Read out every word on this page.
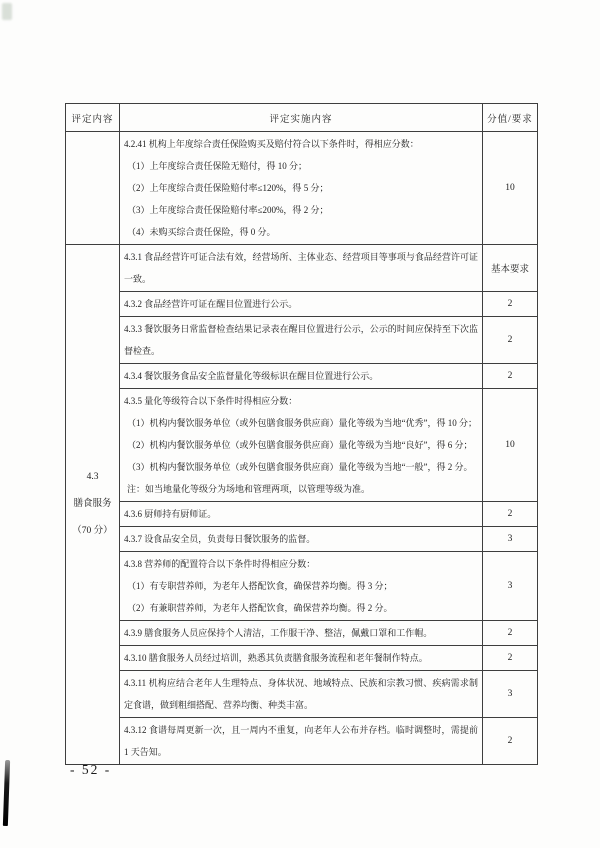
评定内容	评定实施内容	分值/要求

	4.2.41 机构上年度综合责任保险购买及赔付符合以下条件时，得相应分数：
（1）上年度综合责任保险无赔付，得 10 分；
（2）上年度综合责任保险赔付率≤120%，得 5 分；
（3）上年度综合责任保险赔付率≤200%，得 2 分；
（4）未购买综合责任保险，得 0 分。	10

4.3
膳食服务
（70 分）	4.3.1 食品经营许可证合法有效，经营场所、主体业态、经营项目等事项与食品经营许可证一致。	基本要求

	4.3.2 食品经营许可证在醒目位置进行公示。	2

	4.3.3 餐饮服务日常监督检查结果记录表在醒目位置进行公示，公示的时间应保持至下次监督检查。	2

	4.3.4 餐饮服务食品安全监督量化等级标识在醒目位置进行公示。	2

	4.3.5 量化等级符合以下条件时得相应分数：
（1）机构内餐饮服务单位（或外包膳食服务供应商）量化等级为当地“优秀”，得 10 分；
（2）机构内餐饮服务单位（或外包膳食服务供应商）量化等级为当地“良好”，得 6 分；
（3）机构内餐饮服务单位（或外包膳食服务供应商）量化等级为当地“一般”，得 2 分。
注：如当地量化等级分为场地和管理两项，以管理等级为准。	10

	4.3.6 厨师持有厨师证。	2

	4.3.7 设食品安全员，负责每日餐饮服务的监督。	3

	4.3.8 营养师的配置符合以下条件时得相应分数：
（1）有专职营养师，为老年人搭配饮食，确保营养均衡。得 3 分；
（2）有兼职营养师，为老年人搭配饮食，确保营养均衡。得 2 分。	3

	4.3.9 膳食服务人员应保持个人清洁，工作服干净、整洁，佩戴口罩和工作帽。	2

	4.3.10 膳食服务人员经过培训，熟悉其负责膳食服务流程和老年餐制作特点。	2

	4.3.11 机构应结合老年人生理特点、身体状况、地域特点、民族和宗教习惯、疾病需求制定食谱，做到粗细搭配、营养均衡、种类丰富。	3

	4.3.12 食谱每周更新一次，且一周内不重复，向老年人公布并存档。临时调整时，需提前 1 天告知。	2
- 52 -
